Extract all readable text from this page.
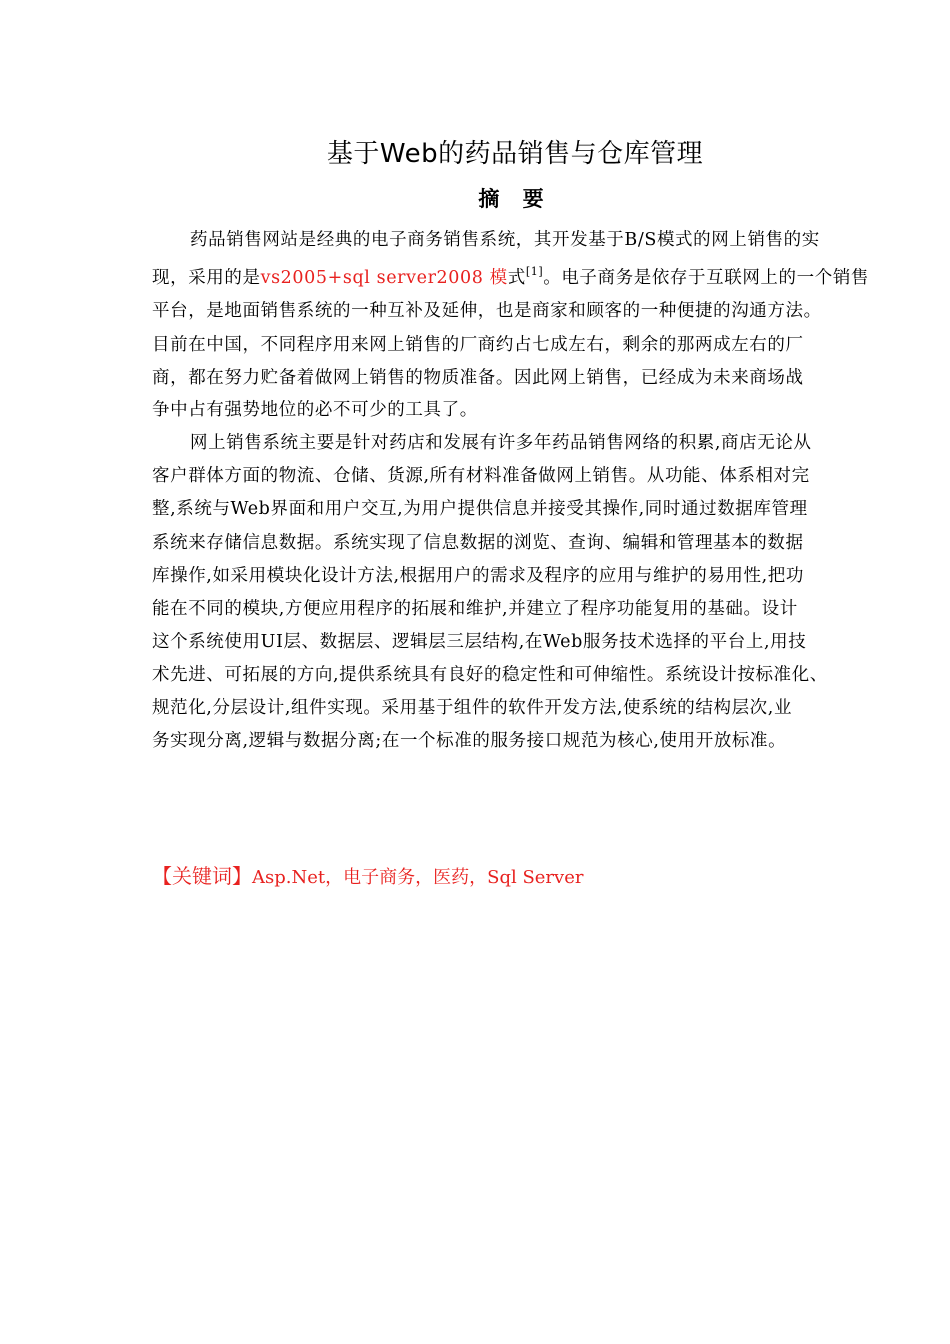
基于Web的药品销售与仓库管理
摘 要
药品销售网站是经典的电子商务销售系统，其开发基于B/S模式的网上销售的实
现，采用的是vs2005+sql server2008 模式[1]。电子商务是依存于互联网上的一个销售
平台，是地面销售系统的一种互补及延伸，也是商家和顾客的一种便捷的沟通方法。
目前在中国，不同程序用来网上销售的厂商约占七成左右，剩余的那两成左右的厂
商，都在努力贮备着做网上销售的物质准备。因此网上销售，已经成为未来商场战
争中占有强势地位的必不可少的工具了。
网上销售系统主要是针对药店和发展有许多年药品销售网络的积累,商店无论从
客户群体方面的物流、仓储、货源,所有材料准备做网上销售。从功能、体系相对完
整,系统与Web界面和用户交互,为用户提供信息并接受其操作,同时通过数据库管理
系统来存储信息数据。系统实现了信息数据的浏览、查询、编辑和管理基本的数据
库操作,如采用模块化设计方法,根据用户的需求及程序的应用与维护的易用性,把功
能在不同的模块,方便应用程序的拓展和维护,并建立了程序功能复用的基础。设计
这个系统使用UI层、数据层、逻辑层三层结构,在Web服务技术选择的平台上,用技
术先进、可拓展的方向,提供系统具有良好的稳定性和可伸缩性。系统设计按标准化、
规范化,分层设计,组件实现。采用基于组件的软件开发方法,使系统的结构层次,业
务实现分离,逻辑与数据分离;在一个标准的服务接口规范为核心,使用开放标准。
【关键词】Asp.Net，电子商务，医药，Sql Server
